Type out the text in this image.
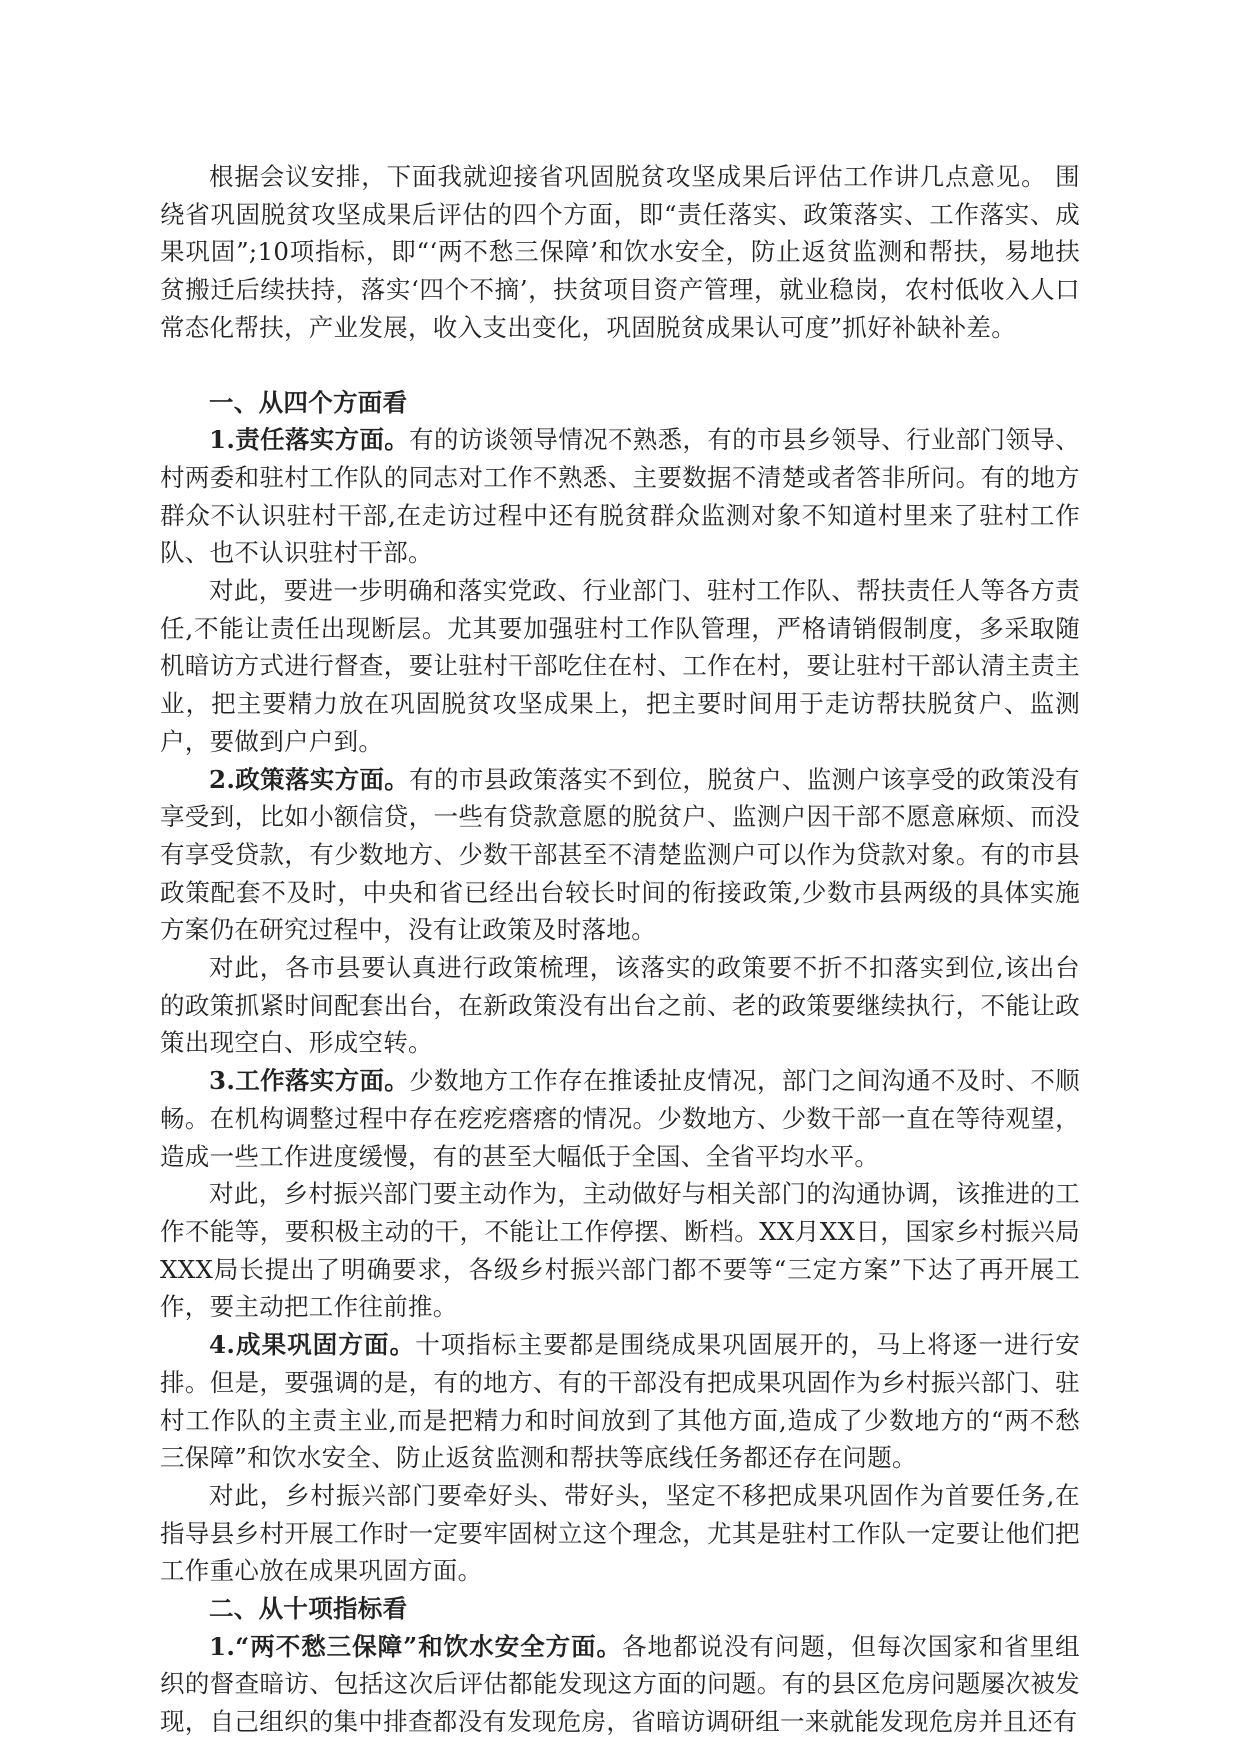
根据会议安排，下面我就迎接省巩固脱贫攻坚成果后评估工作讲几点意见。 围绕省巩固脱贫攻坚成果后评估的四个方面，即“责任落实、政策落实、工作落实、成果巩固”;10项指标，即“‘两不愁三保障’和饮水安全，防止返贫监测和帮扶，易地扶贫搬迁后续扶持，落实‘四个不摘’，扶贫项目资产管理，就业稳岗，农村低收入人口常态化帮扶，产业发展，收入支出变化，巩固脱贫成果认可度”抓好补缺补差。

一、从四个方面看

1.责任落实方面。有的访谈领导情况不熟悉，有的市县乡领导、行业部门领导、村两委和驻村工作队的同志对工作不熟悉、主要数据不清楚或者答非所问。有的地方群众不认识驻村干部,在走访过程中还有脱贫群众监测对象不知道村里来了驻村工作队、也不认识驻村干部。

对此，要进一步明确和落实党政、行业部门、驻村工作队、帮扶责任人等各方责任,不能让责任出现断层。尤其要加强驻村工作队管理，严格请销假制度，多采取随机暗访方式进行督查，要让驻村干部吃住在村、工作在村，要让驻村干部认清主责主业，把主要精力放在巩固脱贫攻坚成果上，把主要时间用于走访帮扶脱贫户、监测户，要做到户户到。

2.政策落实方面。有的市县政策落实不到位，脱贫户、监测户该享受的政策没有享受到，比如小额信贷，一些有贷款意愿的脱贫户、监测户因干部不愿意麻烦、而没有享受贷款，有少数地方、少数干部甚至不清楚监测户可以作为贷款对象。有的市县政策配套不及时，中央和省已经出台较长时间的衔接政策,少数市县两级的具体实施方案仍在研究过程中，没有让政策及时落地。

对此，各市县要认真进行政策梳理，该落实的政策要不折不扣落实到位,该出台的政策抓紧时间配套出台，在新政策没有出台之前、老的政策要继续执行，不能让政策出现空白、形成空转。

3.工作落实方面。少数地方工作存在推诿扯皮情况，部门之间沟通不及时、不顺畅。在机构调整过程中存在疙疙瘩瘩的情况。少数地方、少数干部一直在等待观望，造成一些工作进度缓慢，有的甚至大幅低于全国、全省平均水平。

对此，乡村振兴部门要主动作为，主动做好与相关部门的沟通协调，该推进的工作不能等，要积极主动的干，不能让工作停摆、断档。XX月XX日，国家乡村振兴局XXX局长提出了明确要求，各级乡村振兴部门都不要等“三定方案”下达了再开展工作，要主动把工作往前推。

4.成果巩固方面。十项指标主要都是围绕成果巩固展开的，马上将逐一进行安排。但是，要强调的是，有的地方、有的干部没有把成果巩固作为乡村振兴部门、驻村工作队的主责主业,而是把精力和时间放到了其他方面,造成了少数地方的“两不愁三保障”和饮水安全、防止返贫监测和帮扶等底线任务都还存在问题。

对此，乡村振兴部门要牵好头、带好头，坚定不移把成果巩固作为首要任务,在指导县乡村开展工作时一定要牢固树立这个理念，尤其是驻村工作队一定要让他们把工作重心放在成果巩固方面。

二、从十项指标看

1.“两不愁三保障”和饮水安全方面。各地都说没有问题，但每次国家和省里组织的督查暗访、包括这次后评估都能发现这方面的问题。有的县区危房问题屡次被发现，自己组织的集中排查都没有发现危房，省暗访调研组一来就能发现危房并且还有
